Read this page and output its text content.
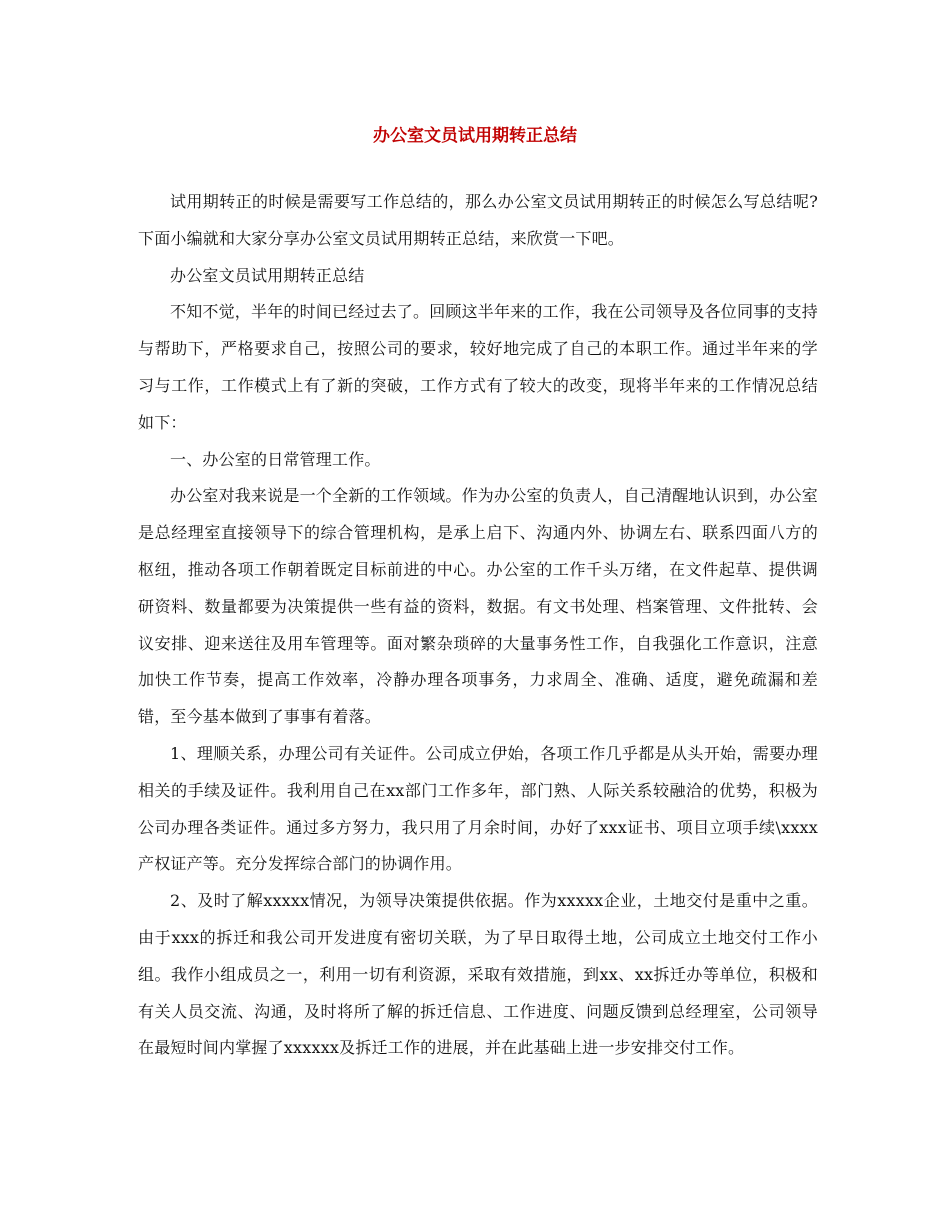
办公室文员试用期转正总结

试用期转正的时候是需要写工作总结的，那么办公室文员试用期转正的时候怎么写总结呢?下面小编就和大家分享办公室文员试用期转正总结，来欣赏一下吧。

办公室文员试用期转正总结

不知不觉，半年的时间已经过去了。回顾这半年来的工作，我在公司领导及各位同事的支持与帮助下，严格要求自己，按照公司的要求，较好地完成了自己的本职工作。通过半年来的学习与工作，工作模式上有了新的突破，工作方式有了较大的改变，现将半年来的工作情况总结如下：

一、办公室的日常管理工作。

办公室对我来说是一个全新的工作领域。作为办公室的负责人，自己清醒地认识到，办公室是总经理室直接领导下的综合管理机构，是承上启下、沟通内外、协调左右、联系四面八方的枢纽，推动各项工作朝着既定目标前进的中心。办公室的工作千头万绪，在文件起草、提供调研资料、数量都要为决策提供一些有益的资料，数据。有文书处理、档案管理、文件批转、会议安排、迎来送往及用车管理等。面对繁杂琐碎的大量事务性工作，自我强化工作意识，注意加快工作节奏，提高工作效率，冷静办理各项事务，力求周全、准确、适度，避免疏漏和差错，至今基本做到了事事有着落。

1、理顺关系，办理公司有关证件。公司成立伊始，各项工作几乎都是从头开始，需要办理相关的手续及证件。我利用自己在xx部门工作多年，部门熟、人际关系较融洽的优势，积极为公司办理各类证件。通过多方努力，我只用了月余时间，办好了xxx证书、项目立项手续\xxxx产权证产等。充分发挥综合部门的协调作用。

2、及时了解xxxxx情况，为领导决策提供依据。作为xxxxx企业，土地交付是重中之重。由于xxx的拆迁和我公司开发进度有密切关联，为了早日取得土地，公司成立土地交付工作小组。我作小组成员之一，利用一切有利资源，采取有效措施，到xx、xx拆迁办等单位，积极和有关人员交流、沟通，及时将所了解的拆迁信息、工作进度、问题反馈到总经理室，公司领导在最短时间内掌握了xxxxxx及拆迁工作的进展，并在此基础上进一步安排交付工作。
